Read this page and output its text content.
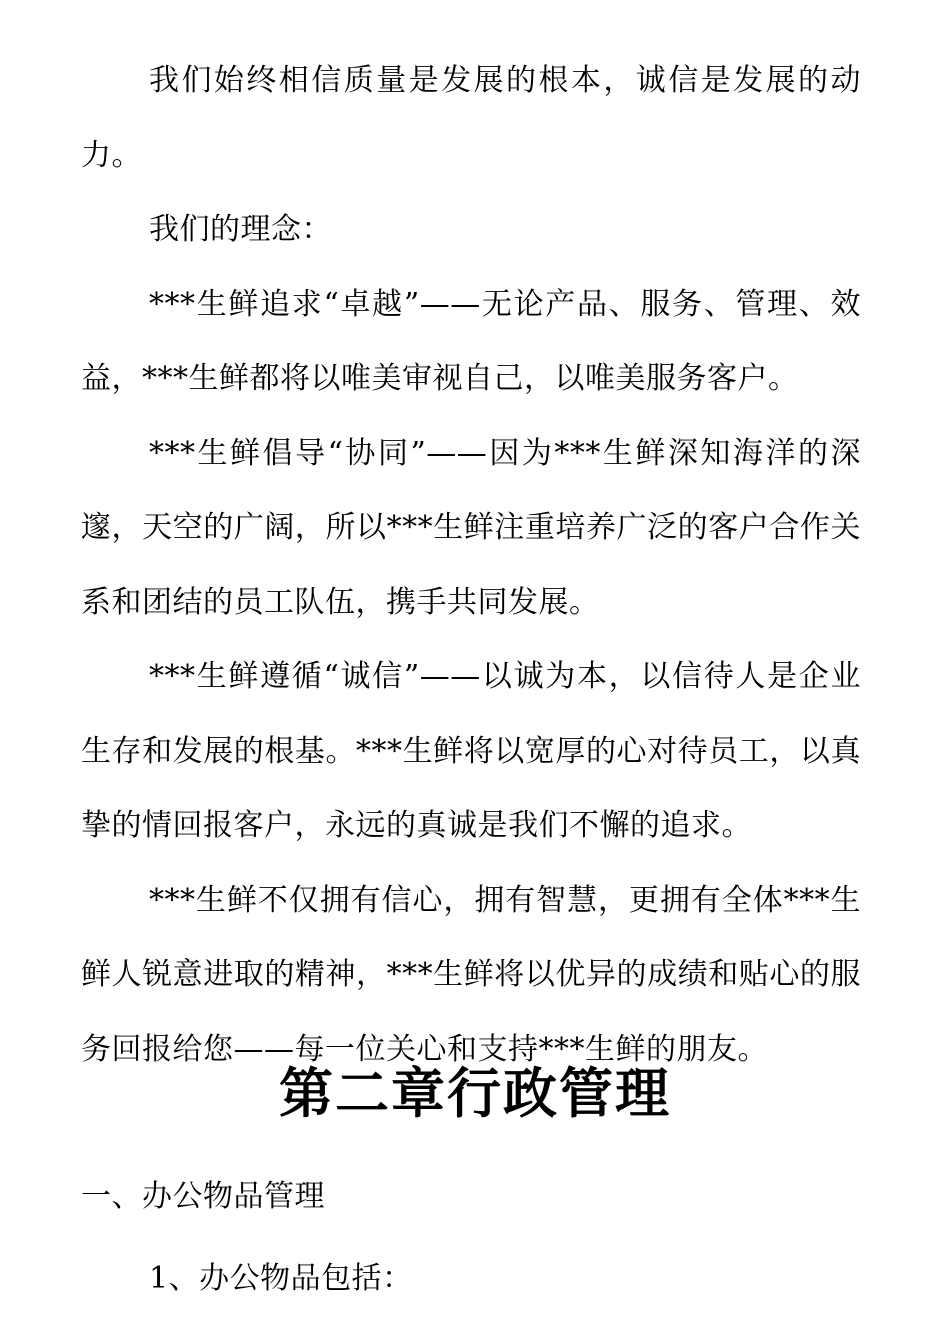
我们始终相信质量是发展的根本，诚信是发展的动力。

我们的理念：

***生鲜追求“卓越”——无论产品、服务、管理、效益，***生鲜都将以唯美审视自己，以唯美服务客户。

***生鲜倡导“协同”——因为***生鲜深知海洋的深邃，天空的广阔，所以***生鲜注重培养广泛的客户合作关系和团结的员工队伍，携手共同发展。

***生鲜遵循“诚信”——以诚为本，以信待人是企业生存和发展的根基。***生鲜将以宽厚的心对待员工，以真挚的情回报客户，永远的真诚是我们不懈的追求。

***生鲜不仅拥有信心，拥有智慧，更拥有全体***生鲜人锐意进取的精神，***生鲜将以优异的成绩和贴心的服务回报给您——每一位关心和支持***生鲜的朋友。

第二章行政管理
一、办公物品管理
1、办公物品包括：
